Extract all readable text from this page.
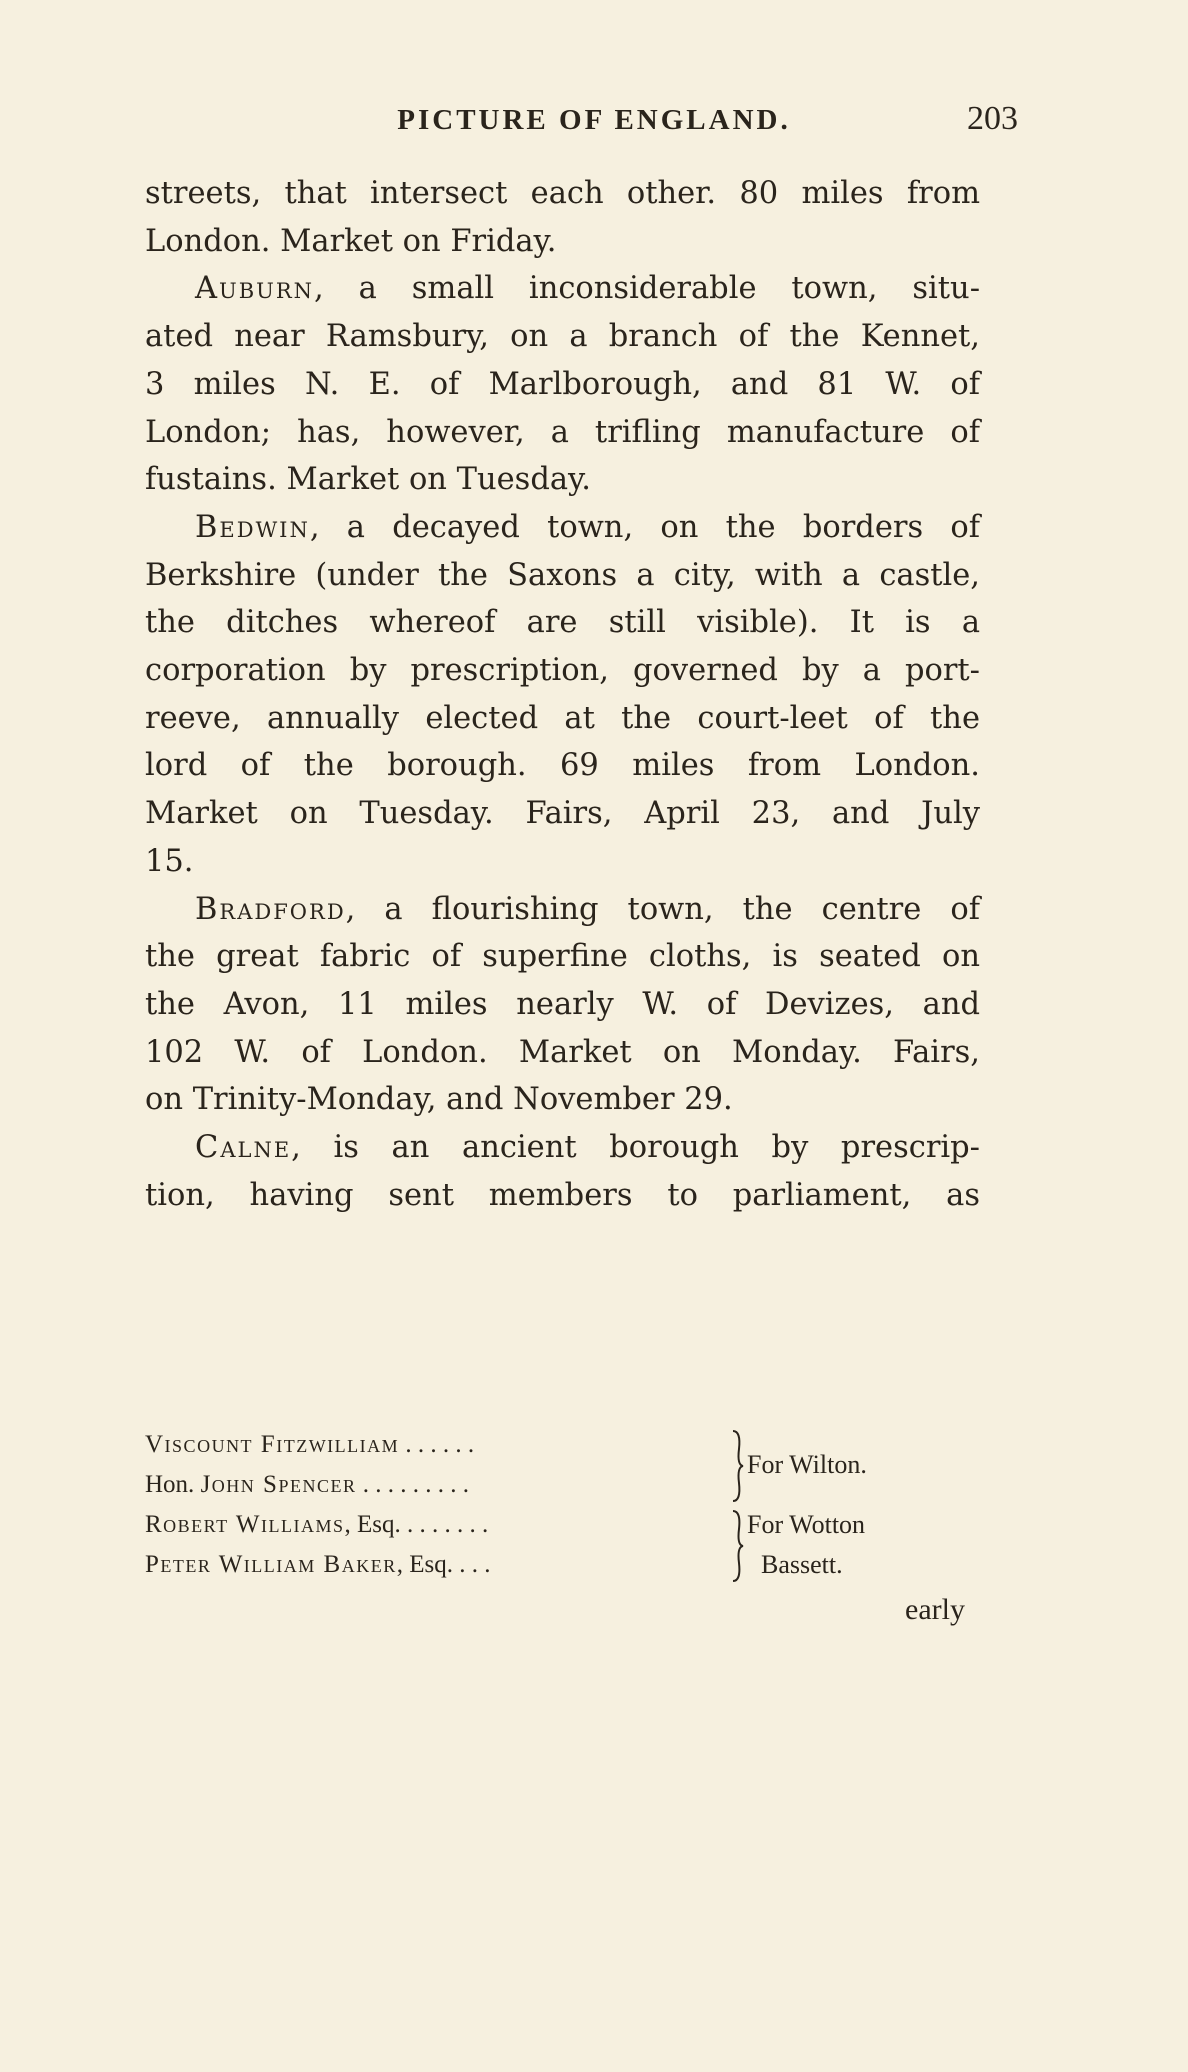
PICTURE OF ENGLAND.	203
streets, that intersect each other. 80 miles from
London. Market on Friday.
Auburn, a small inconsiderable town, situ-
ated near Ramsbury, on a branch of the Kennet,
3 miles N. E. of Marlborough, and 81 W. of
London; has, however, a trifling manufacture of
fustains. Market on Tuesday.
Bedwin, a decayed town, on the borders of
Berkshire (under the Saxons a city, with a castle,
the ditches whereof are still visible). It is a
corporation by prescription, governed by a port-
reeve, annually elected at the court-leet of the
lord of the borough. 69 miles from London.
Market on Tuesday. Fairs, April 23, and July
15.
Bradford, a flourishing town, the centre of
the great fabric of superfine cloths, is seated on
the Avon, 11 miles nearly W. of Devizes, and
102 W. of London. Market on Monday. Fairs,
on Trinity-Monday, and November 29.
Calne, is an ancient borough by prescrip-
tion, having sent members to parliament, as
Viscount Fitzwilliam . . . . . .
Hon. John Spencer . . . . . . . . .
Robert Williams, Esq. . . . . . . .
Peter William Baker, Esq. . . .
For Wilton.
For Wotton
Bassett.
early
